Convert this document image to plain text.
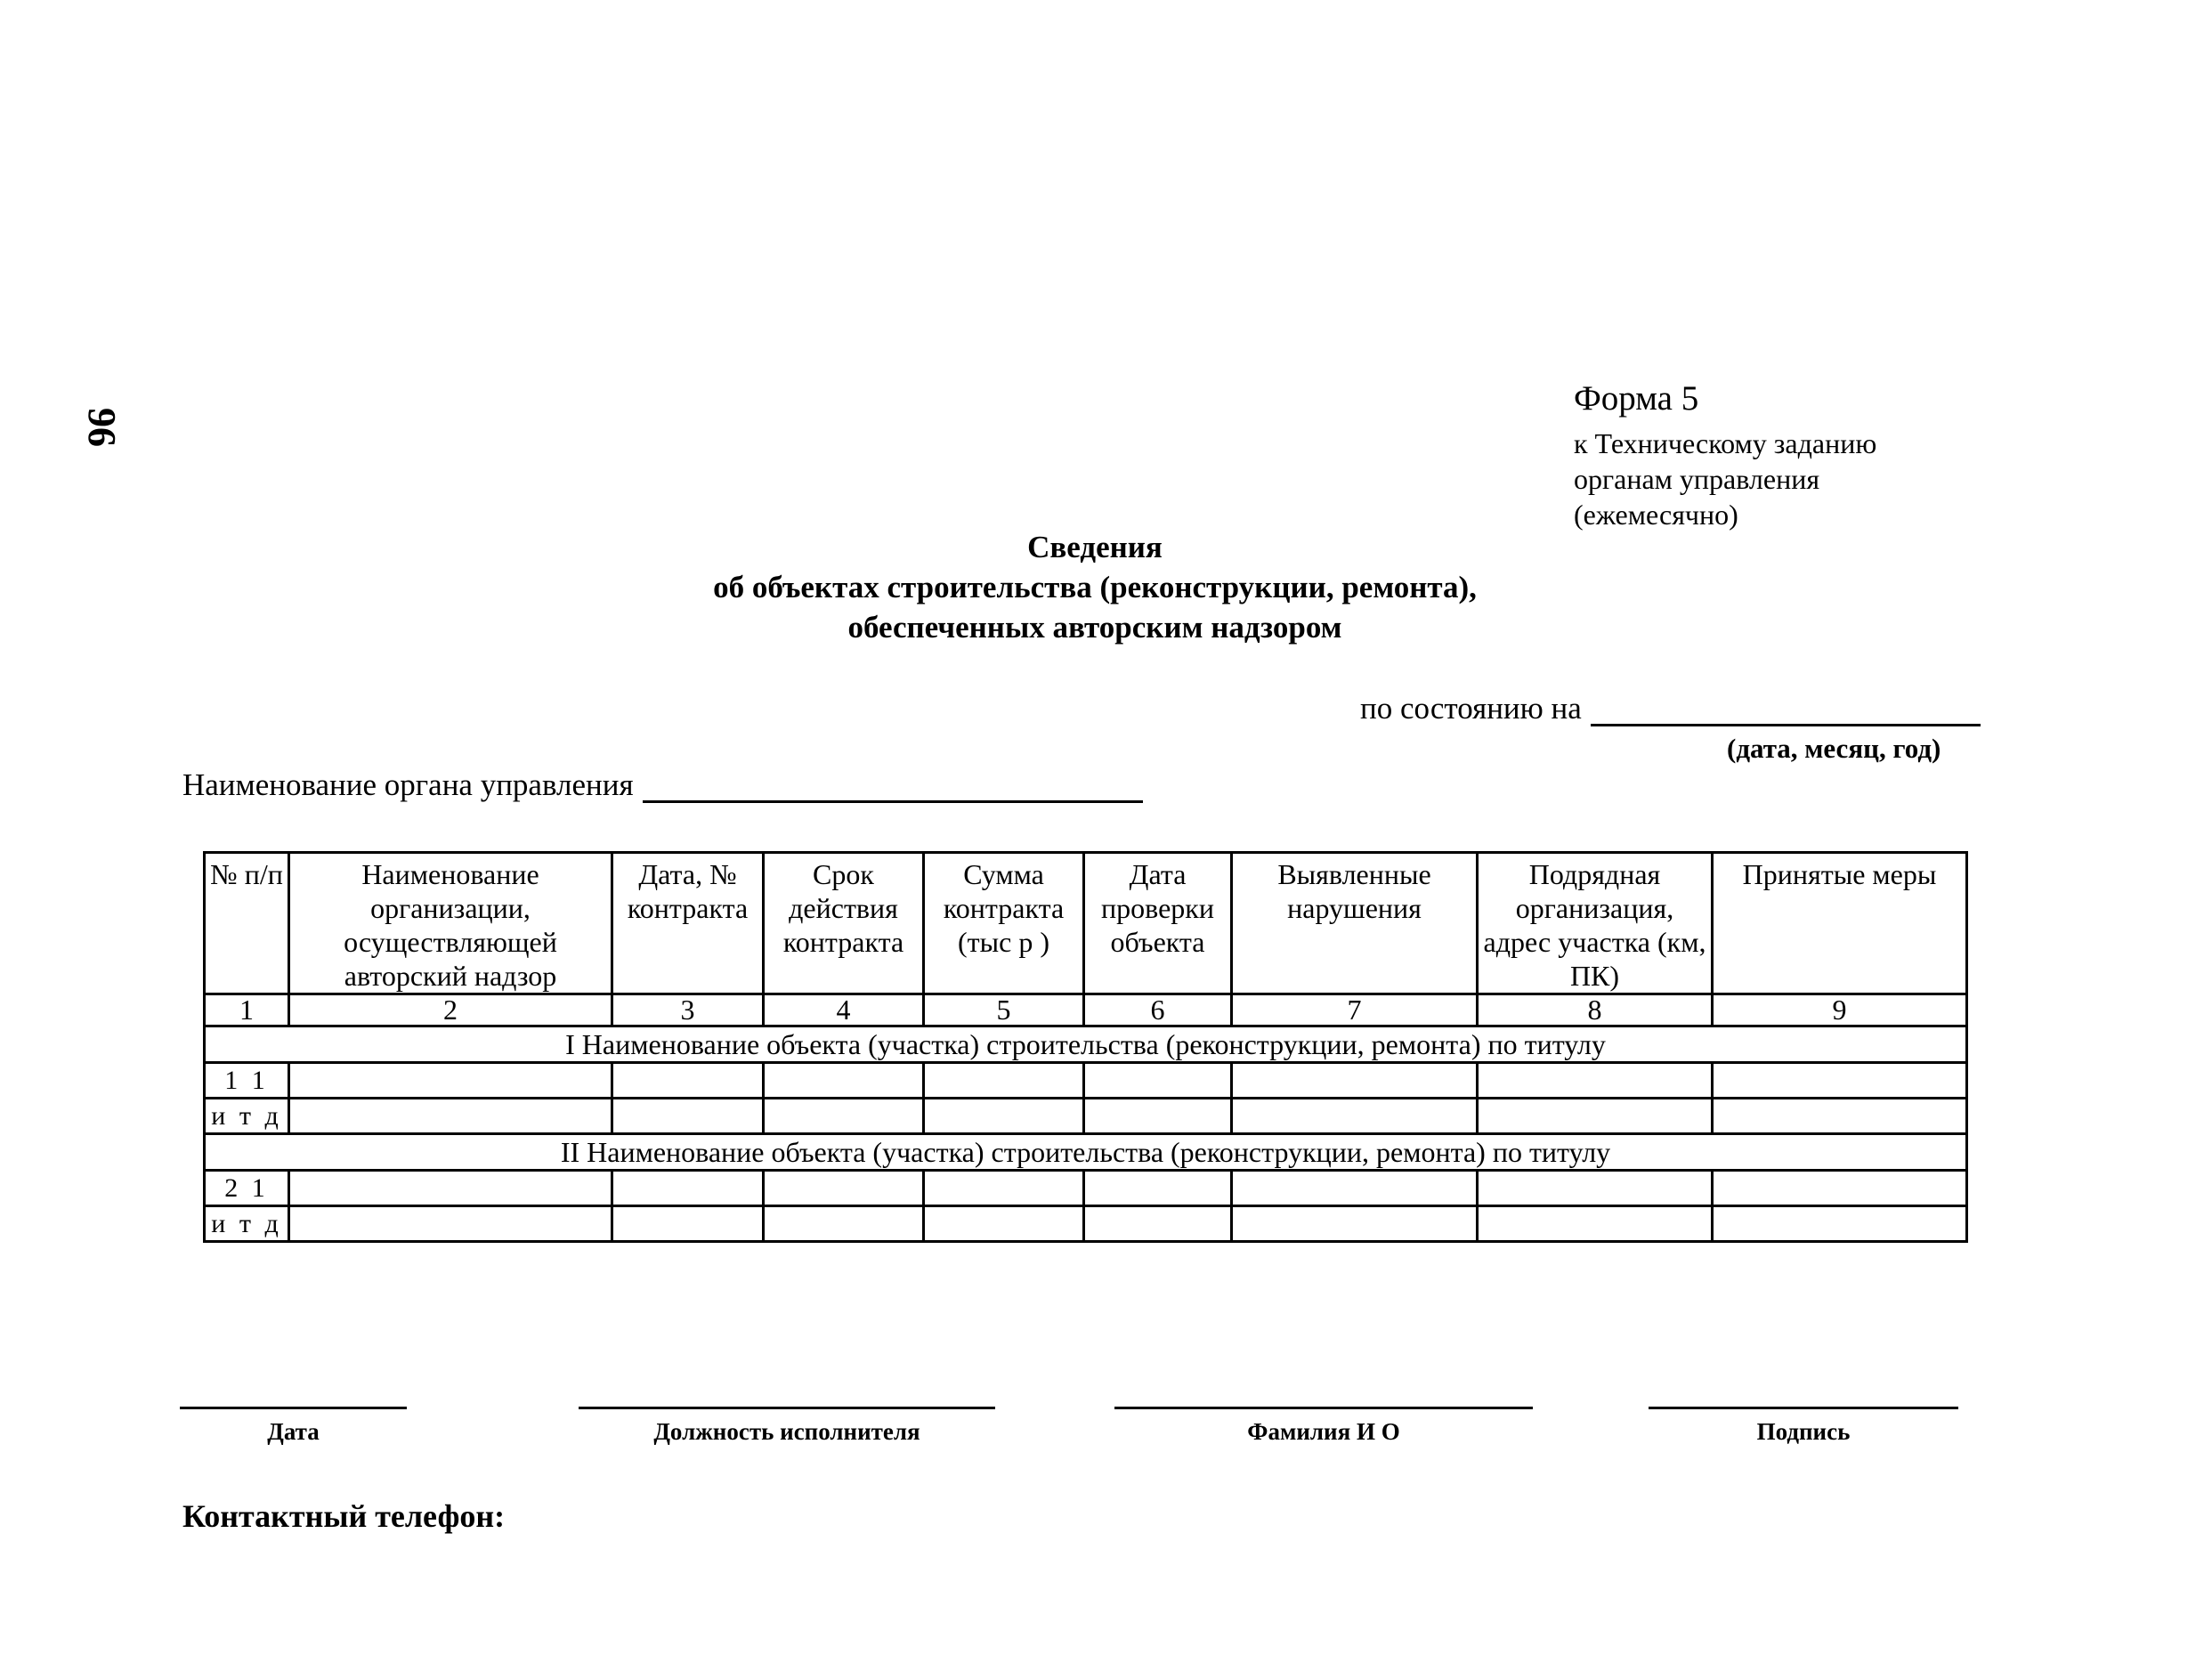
96
Форма 5
к Техническому заданию
органам управления
(ежемесячно)
Сведения
об объектах строительства (реконструкции, ремонта),
обеспеченных авторским надзором
по состоянию на
(дата, месяц, год)
Наименование органа управления
№ п/п	Наименование организации, осуществляющей авторский надзор	Дата, № контракта	Срок действия контракта	Сумма контракта (тыс р )	Дата проверки объекта	Выявленные нарушения	Подрядная организация, адрес участка (км, ПК)	Принятые меры
1	2	3	4	5	6	7	8	9
I Наименование объекта (участка) строительства (реконструкции, ремонта) по титулу								
1 1								
и т д								
II Наименование объекта (участка) строительства (реконструкции, ремонта) по титулу								
2 1								
и т д								
Дата	Должность исполнителя	Фамилия И О	Подпись
Контактный телефон:
